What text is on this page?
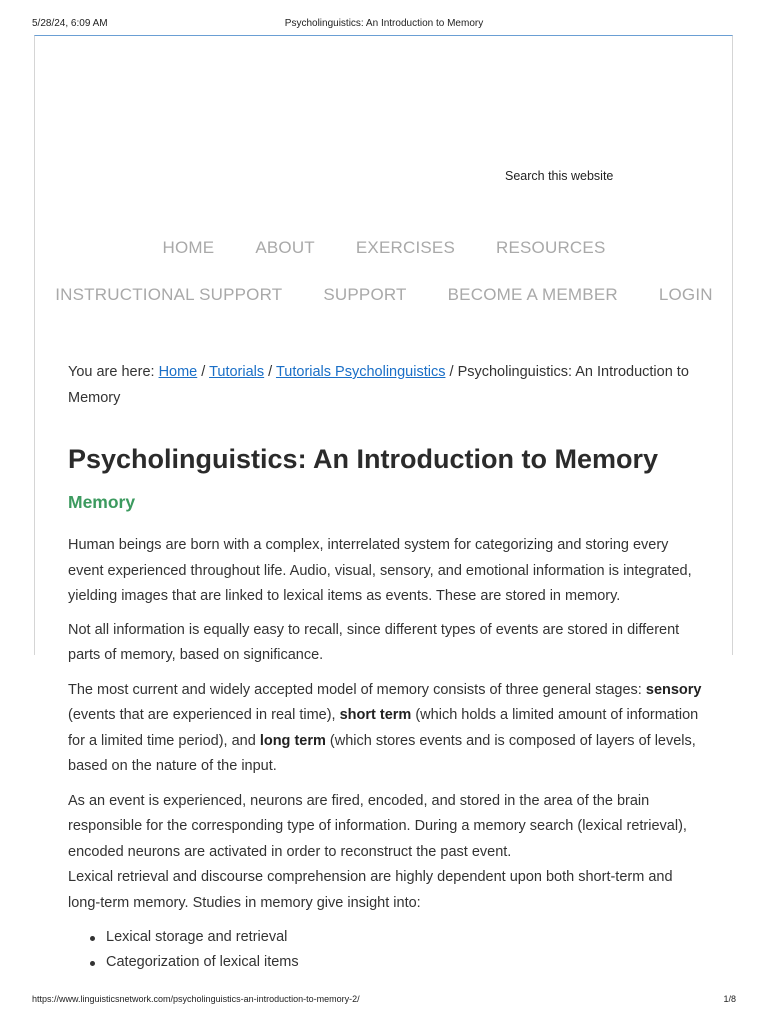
5/28/24, 6:09 AM	Psycholinguistics: An Introduction to Memory
Search this website
HOME ABOUT EXERCISES RESOURCES
INSTRUCTIONAL SUPPORT SUPPORT BECOME A MEMBER LOGIN
You are here: Home / Tutorials / Tutorials Psycholinguistics / Psycholinguistics: An Introduction to Memory
Psycholinguistics: An Introduction to Memory
Memory

Human beings are born with a complex, interrelated system for categorizing and storing every event experienced throughout life. Audio, visual, sensory, and emotional information is integrated, yielding images that are linked to lexical items as events. These are stored in memory.

Not all information is equally easy to recall, since different types of events are stored in different parts of memory, based on significance.

The most current and widely accepted model of memory consists of three general stages: sensory (events that are experienced in real time), short term (which holds a limited amount of information for a limited time period), and long term (which stores events and is composed of layers of levels, based on the nature of the input.

As an event is experienced, neurons are fired, encoded, and stored in the area of the brain responsible for the corresponding type of information. During a memory search (lexical retrieval), encoded neurons are activated in order to reconstruct the past event.

Lexical retrieval and discourse comprehension are highly dependent upon both short-term and long-term memory. Studies in memory give insight into:

Lexical storage and retrieval
Categorization of lexical items
https://www.linguisticsnetwork.com/psycholinguistics-an-introduction-to-memory-2/	1/8
